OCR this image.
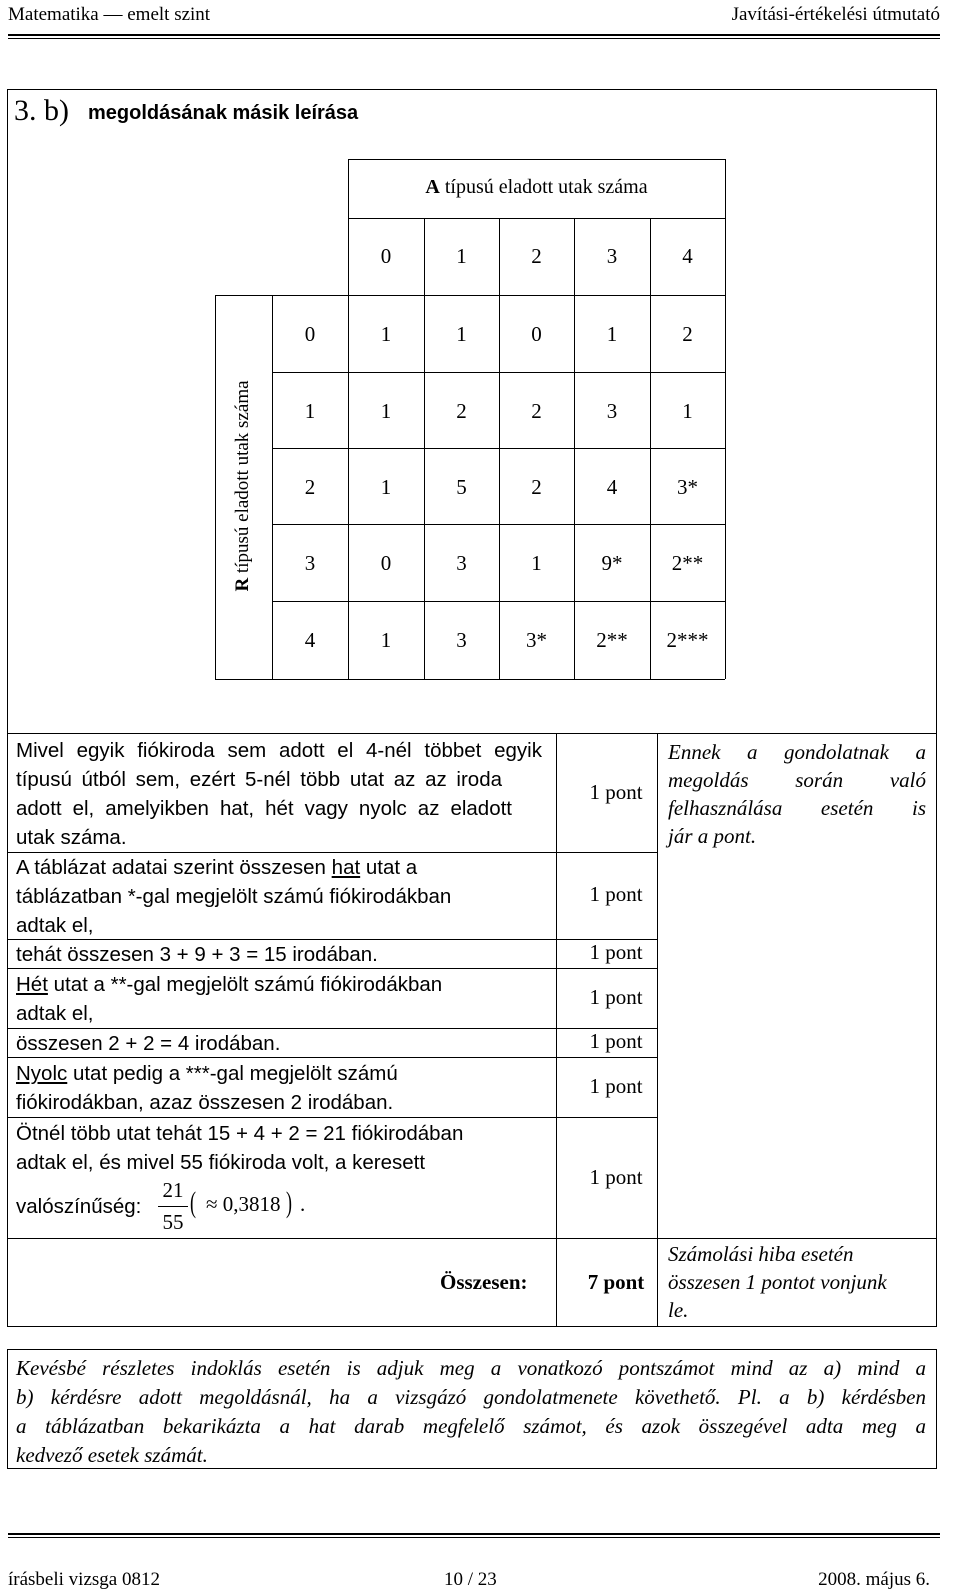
Matematika — emelt szint	Javítási-értékelési útmutató
3. b) megoldásának másik leírása
A típusú eladott utak száma
0	1	2	3	4
R típusú eladott utak száma
0	1	1	0	1	2
1	1	2	2	3	1
2	1	5	2	4	3*
3	0	3	1	9*	2**
4	1	3	3*	2**	2***
Mivel egyik fiókiroda sem adott el 4-nél többet egyik
típusú útból sem, ezért 5-nél több utat az az iroda
adott el, amelyikben hat, hét vagy nyolc az eladott
utak száma.
1 pont
Ennek a gondolatnak a
megoldás során való
felhasználása esetén is
jár a pont.
A táblázat adatai szerint összesen hat utat a
táblázatban *-gal megjelölt számú fiókirodákban
adtak el,
1 pont
tehát összesen 3 + 9 + 3 = 15 irodában.	1 pont
Hét utat a **-gal megjelölt számú fiókirodákban
adtak el,
1 pont
összesen 2 + 2 = 4 irodában.	1 pont
Nyolc utat pedig a ***-gal megjelölt számú
fiókirodákban, azaz összesen 2 irodában.
1 pont
Ötnél több utat tehát 15 + 4 + 2 = 21 fiókirodában
adtak el, és mivel 55 fiókiroda volt, a keresett
valószínűség:
21
55
( ≈ 0,3818 ) .
1 pont
Összesen:	7 pont
Számolási hiba esetén
összesen 1 pontot vonjunk
le.
Kevésbé részletes indoklás esetén is adjuk meg a vonatkozó pontszámot mind az a) mind a
b) kérdésre adott megoldásnál, ha a vizsgázó gondolatmenete követhető. Pl. a b) kérdésben
a táblázatban bekarikázta a hat darab megfelelő számot, és azok összegével adta meg a
kedvező esetek számát.
írásbeli vizsga 0812	10 / 23	2008. május 6.
